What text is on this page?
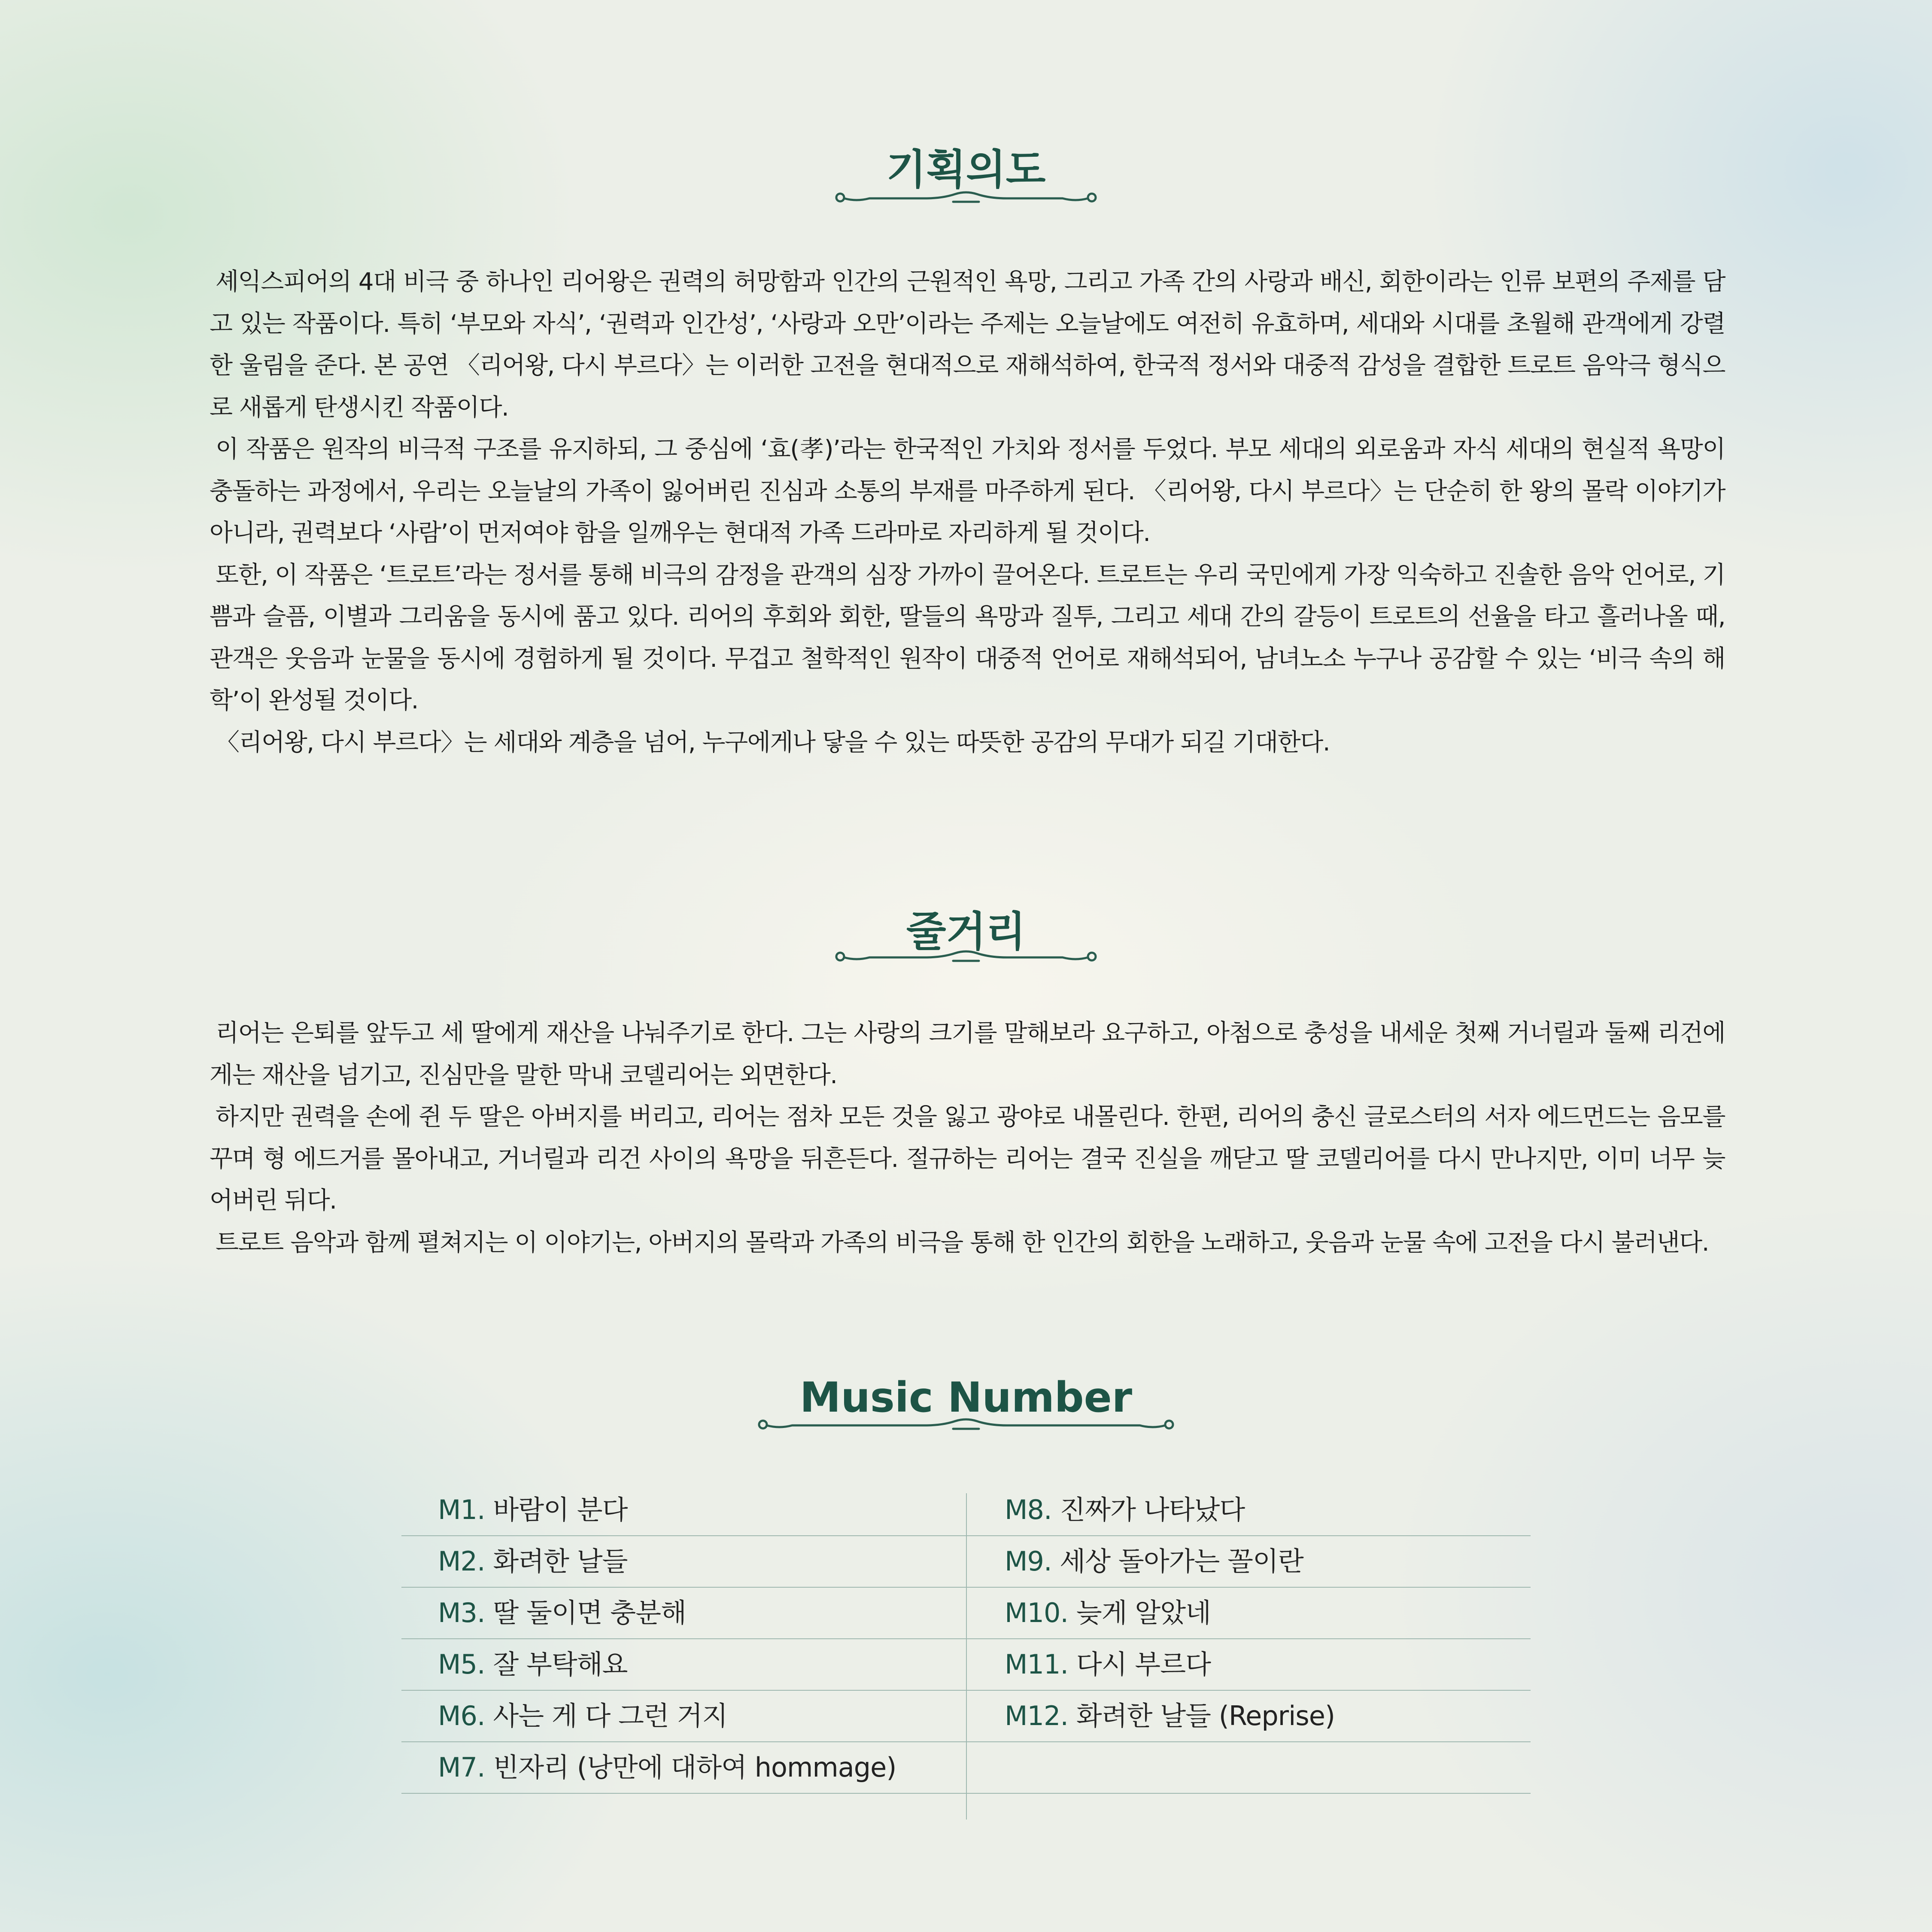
기획의도

셰익스피어의 4대 비극 중 하나인 리어왕은 권력의 허망함과 인간의 근원적인 욕망, 그리고 가족 간의 사랑과 배신, 회한이라는 인류 보편의 주제를 담고 있는 작품이다. 특히 ‘부모와 자식’, ‘권력과 인간성’, ‘사랑과 오만’이라는 주제는 오늘날에도 여전히 유효하며, 세대와 시대를 초월해 관객에게 강렬한 울림을 준다. 본 공연 〈리어왕, 다시 부르다〉는 이러한 고전을 현대적으로 재해석하여, 한국적 정서와 대중적 감성을 결합한 트로트 음악극 형식으로 새롭게 탄생시킨 작품이다.

이 작품은 원작의 비극적 구조를 유지하되, 그 중심에 ‘효(孝)’라는 한국적인 가치와 정서를 두었다. 부모 세대의 외로움과 자식 세대의 현실적 욕망이 충돌하는 과정에서, 우리는 오늘날의 가족이 잃어버린 진심과 소통의 부재를 마주하게 된다. 〈리어왕, 다시 부르다〉는 단순히 한 왕의 몰락 이야기가 아니라, 권력보다 ‘사람’이 먼저여야 함을 일깨우는 현대적 가족 드라마로 자리하게 될 것이다.

또한, 이 작품은 ‘트로트’라는 정서를 통해 비극의 감정을 관객의 심장 가까이 끌어온다. 트로트는 우리 국민에게 가장 익숙하고 진솔한 음악 언어로, 기쁨과 슬픔, 이별과 그리움을 동시에 품고 있다. 리어의 후회와 회한, 딸들의 욕망과 질투, 그리고 세대 간의 갈등이 트로트의 선율을 타고 흘러나올 때, 관객은 웃음과 눈물을 동시에 경험하게 될 것이다. 무겁고 철학적인 원작이 대중적 언어로 재해석되어, 남녀노소 누구나 공감할 수 있는 ‘비극 속의 해학’이 완성될 것이다.

〈리어왕, 다시 부르다〉는 세대와 계층을 넘어, 누구에게나 닿을 수 있는 따뜻한 공감의 무대가 되길 기대한다.

줄거리

리어는 은퇴를 앞두고 세 딸에게 재산을 나눠주기로 한다. 그는 사랑의 크기를 말해보라 요구하고, 아첨으로 충성을 내세운 첫째 거너릴과 둘째 리건에게는 재산을 넘기고, 진심만을 말한 막내 코델리어는 외면한다.

하지만 권력을 손에 쥔 두 딸은 아버지를 버리고, 리어는 점차 모든 것을 잃고 광야로 내몰린다. 한편, 리어의 충신 글로스터의 서자 에드먼드는 음모를 꾸며 형 에드거를 몰아내고, 거너릴과 리건 사이의 욕망을 뒤흔든다. 절규하는 리어는 결국 진실을 깨닫고 딸 코델리어를 다시 만나지만, 이미 너무 늦어버린 뒤다.

트로트 음악과 함께 펼쳐지는 이 이야기는, 아버지의 몰락과 가족의 비극을 통해 한 인간의 회한을 노래하고, 웃음과 눈물 속에 고전을 다시 불러낸다.

Music Number
M1. 바람이 분다
M2. 화려한 날들
M3. 딸 둘이면 충분해
M5. 잘 부탁해요
M6. 사는 게 다 그런 거지
M7. 빈자리 (낭만에 대하여 hommage)
M8. 진짜가 나타났다
M9. 세상 돌아가는 꼴이란
M10. 늦게 알았네
M11. 다시 부르다
M12. 화려한 날들 (Reprise)
